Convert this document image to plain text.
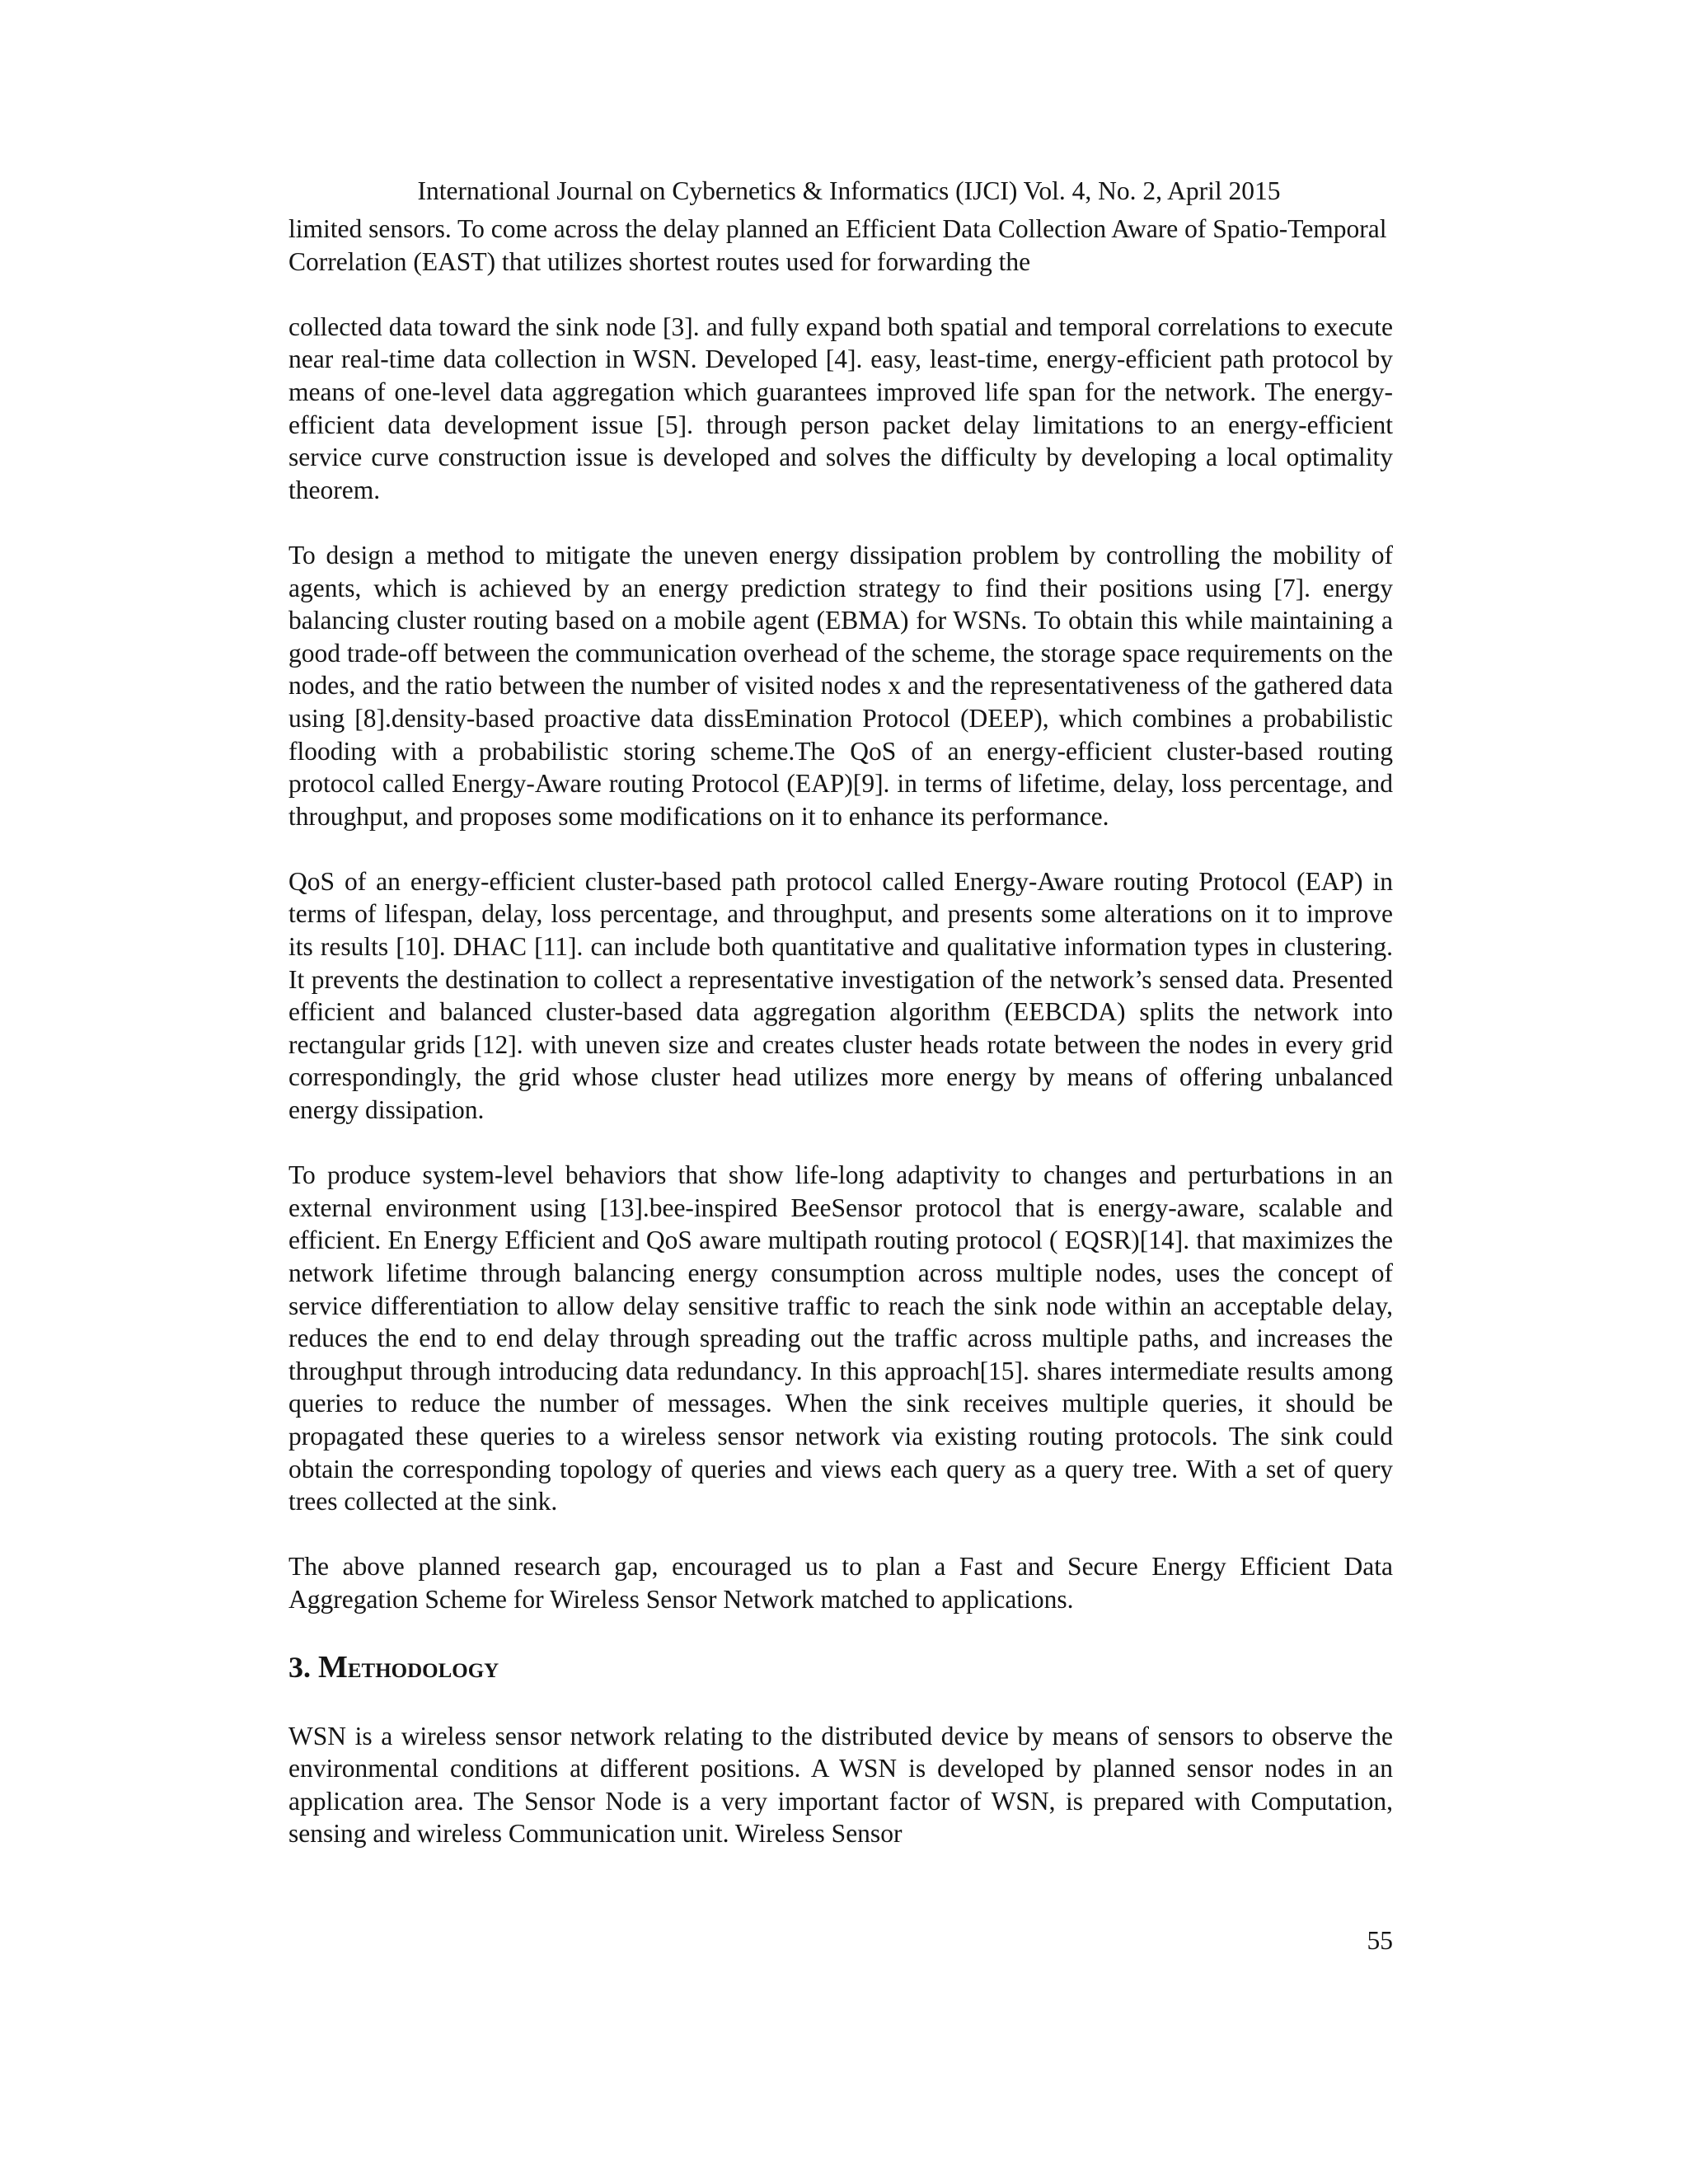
International Journal on Cybernetics & Informatics (IJCI) Vol. 4, No. 2, April 2015

limited sensors. To come across the delay planned an Efficient Data Collection Aware of Spatio-Temporal Correlation (EAST) that utilizes shortest routes used for forwarding the

collected data toward the sink node [3]. and fully expand both spatial and temporal correlations to execute near real-time data collection in WSN. Developed [4]. easy, least-time, energy-efficient path protocol by means of one-level data aggregation which guarantees improved life span for the network. The energy-efficient data development issue [5]. through person packet delay limitations to an energy-efficient service curve construction issue is developed and solves the difficulty by developing a local optimality theorem.

To design a method to mitigate the uneven energy dissipation problem by controlling the mobility of agents, which is achieved by an energy prediction strategy to find their positions using [7]. energy balancing cluster routing based on a mobile agent (EBMA) for WSNs. To obtain this while maintaining a good trade-off between the communication overhead of the scheme, the storage space requirements on the nodes, and the ratio between the number of visited nodes x and the representativeness of the gathered data using [8].density-based proactive data dissEmination Protocol (DEEP), which combines a probabilistic flooding with a probabilistic storing scheme.The QoS of an energy-efficient cluster-based routing protocol called Energy-Aware routing Protocol (EAP)[9]. in terms of lifetime, delay, loss percentage, and throughput, and proposes some modifications on it to enhance its performance.

QoS of an energy-efficient cluster-based path protocol called Energy-Aware routing Protocol (EAP) in terms of lifespan, delay, loss percentage, and throughput, and presents some alterations on it to improve its results [10]. DHAC [11]. can include both quantitative and qualitative information types in clustering. It prevents the destination to collect a representative investigation of the network’s sensed data. Presented efficient and balanced cluster-based data aggregation algorithm (EEBCDA) splits the network into rectangular grids [12]. with uneven size and creates cluster heads rotate between the nodes in every grid correspondingly, the grid whose cluster head utilizes more energy by means of offering unbalanced energy dissipation.

To produce system-level behaviors that show life-long adaptivity to changes and perturbations in an external environment using [13].bee-inspired BeeSensor protocol that is energy-aware, scalable and efficient. En Energy Efficient and QoS aware multipath routing protocol ( EQSR)[14]. that maximizes the network lifetime through balancing energy consumption across multiple nodes, uses the concept of service differentiation to allow delay sensitive traffic to reach the sink node within an acceptable delay, reduces the end to end delay through spreading out the traffic across multiple paths, and increases the throughput through introducing data redundancy. In this approach[15]. shares intermediate results among queries to reduce the number of messages. When the sink receives multiple queries, it should be propagated these queries to a wireless sensor network via existing routing protocols. The sink could obtain the corresponding topology of queries and views each query as a query tree. With a set of query trees collected at the sink.

The above planned research gap, encouraged us to plan a Fast and Secure Energy Efficient Data Aggregation Scheme for Wireless Sensor Network matched to applications.

3. Methodology

WSN is a wireless sensor network relating to the distributed device by means of sensors to observe the environmental conditions at different positions. A WSN is developed by planned sensor nodes in an application area. The Sensor Node is a very important factor of WSN, is prepared with Computation, sensing and wireless Communication unit. Wireless Sensor

55
